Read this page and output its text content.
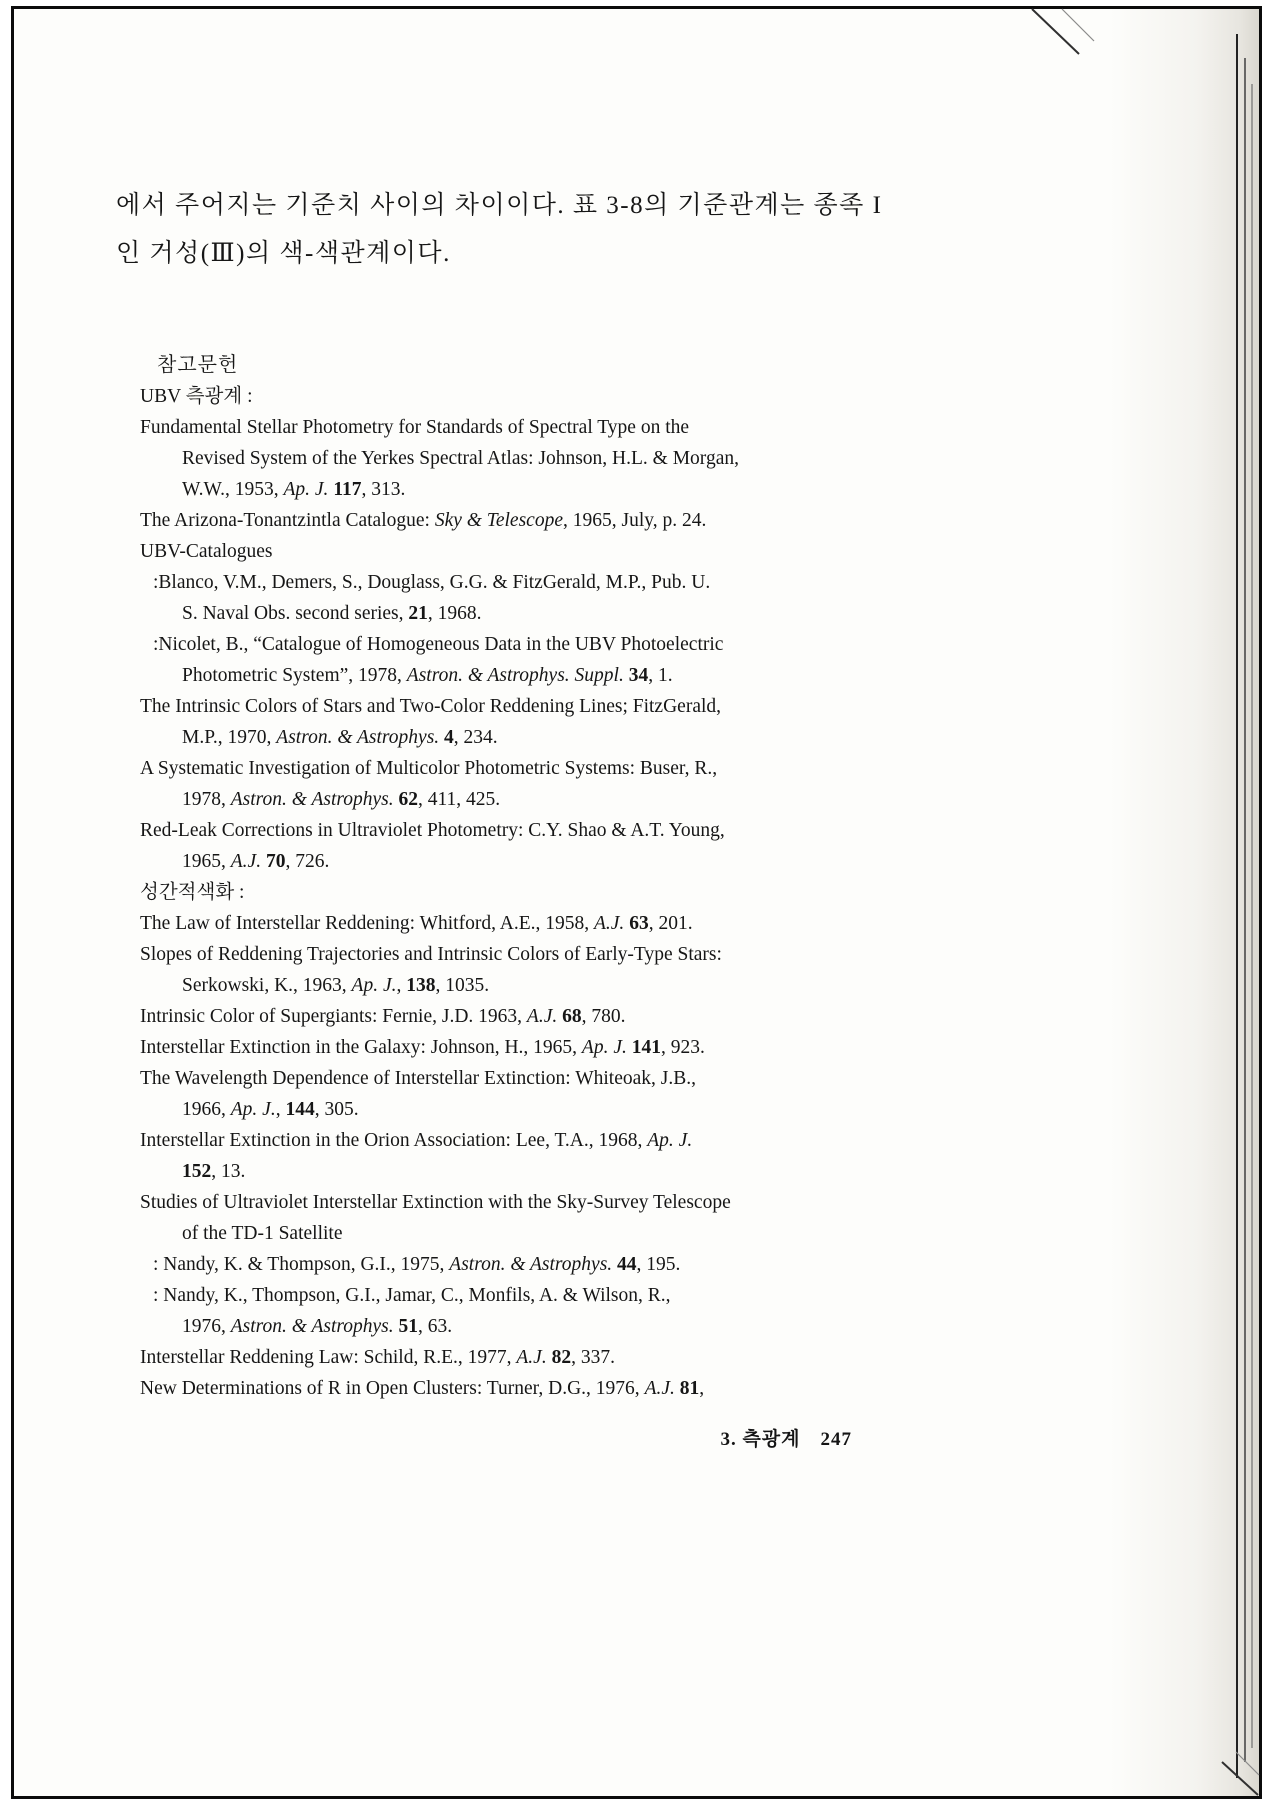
에서 주어지는 기준치 사이의 차이이다. 표 3-8의 기준관계는 종족 I
인 거성(Ⅲ)의 색-색관계이다.

참고문헌
UBV 측광계 :
Fundamental Stellar Photometry for Standards of Spectral Type on the
Revised System of the Yerkes Spectral Atlas: Johnson, H.L. & Morgan,
W.W., 1953, Ap. J. 117, 313.
The Arizona-Tonantzintla Catalogue: Sky & Telescope, 1965, July, p. 24.
UBV-Catalogues
:Blanco, V.M., Demers, S., Douglass, G.G. & FitzGerald, M.P., Pub. U.
S. Naval Obs. second series, 21, 1968.
:Nicolet, B., “Catalogue of Homogeneous Data in the UBV Photoelectric
Photometric System”, 1978, Astron. & Astrophys. Suppl. 34, 1.
The Intrinsic Colors of Stars and Two-Color Reddening Lines; FitzGerald,
M.P., 1970, Astron. & Astrophys. 4, 234.
A Systematic Investigation of Multicolor Photometric Systems: Buser, R.,
1978, Astron. & Astrophys. 62, 411, 425.
Red-Leak Corrections in Ultraviolet Photometry: C.Y. Shao & A.T. Young,
1965, A.J. 70, 726.
성간적색화 :
The Law of Interstellar Reddening: Whitford, A.E., 1958, A.J. 63, 201.
Slopes of Reddening Trajectories and Intrinsic Colors of Early-Type Stars:
Serkowski, K., 1963, Ap. J., 138, 1035.
Intrinsic Color of Supergiants: Fernie, J.D. 1963, A.J. 68, 780.
Interstellar Extinction in the Galaxy: Johnson, H., 1965, Ap. J. 141, 923.
The Wavelength Dependence of Interstellar Extinction: Whiteoak, J.B.,
1966, Ap. J., 144, 305.
Interstellar Extinction in the Orion Association: Lee, T.A., 1968, Ap. J.
152, 13.
Studies of Ultraviolet Interstellar Extinction with the Sky-Survey Telescope
of the TD-1 Satellite
: Nandy, K. & Thompson, G.I., 1975, Astron. & Astrophys. 44, 195.
: Nandy, K., Thompson, G.I., Jamar, C., Monfils, A. & Wilson, R.,
1976, Astron. & Astrophys. 51, 63.
Interstellar Reddening Law: Schild, R.E., 1977, A.J. 82, 337.
New Determinations of R in Open Clusters: Turner, D.G., 1976, A.J. 81,
3. 측광계 247
